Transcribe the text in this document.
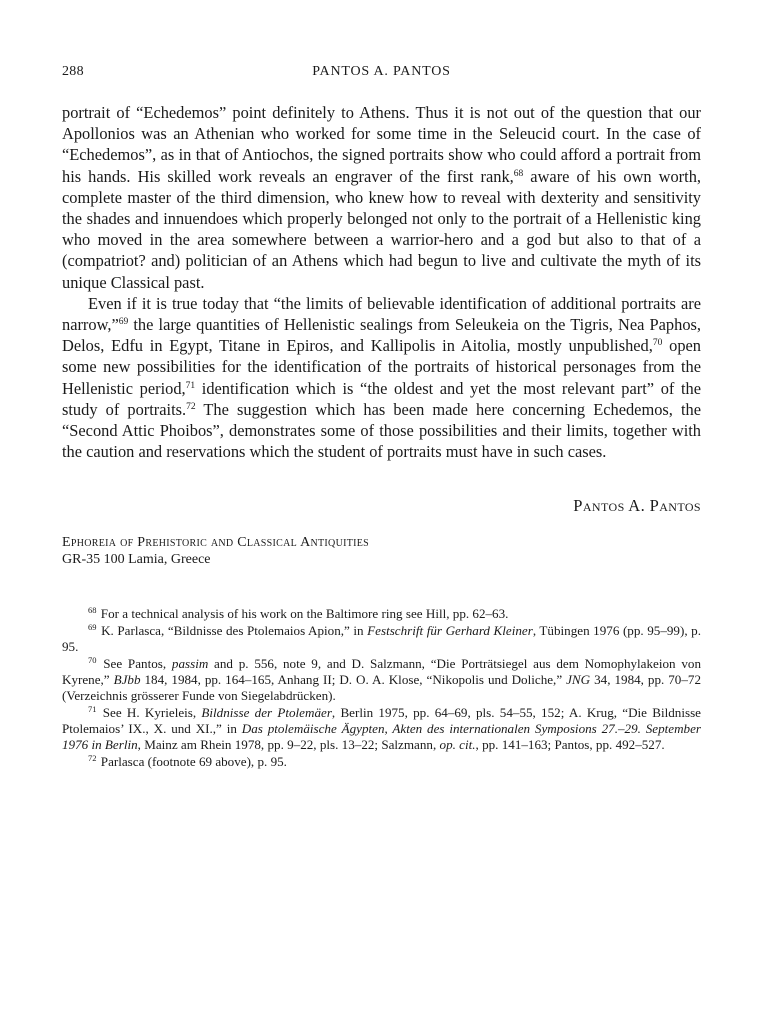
288	PANTOS A. PANTOS

portrait of “Echedemos” point definitely to Athens. Thus it is not out of the question that our Apollonios was an Athenian who worked for some time in the Seleucid court. In the case of “Echedemos”, as in that of Antiochos, the signed portraits show who could afford a portrait from his hands. His skilled work reveals an engraver of the first rank,$^{68}$ aware of his own worth, complete master of the third dimension, who knew how to reveal with dexterity and sensitivity the shades and innuendoes which properly belonged not only to the portrait of a Hellenistic king who moved in the area somewhere between a warrior-hero and a god but also to that of a (compatriot? and) politician of an Athens which had begun to live and cultivate the myth of its unique Classical past.

Even if it is true today that “the limits of believable identification of additional portraits are narrow,”$^{69}$ the large quantities of Hellenistic sealings from Seleukeia on the Tigris, Nea Paphos, Delos, Edfu in Egypt, Titane in Epiros, and Kallipolis in Aitolia, mostly unpublished,$^{70}$ open some new possibilities for the identification of the portraits of historical personages from the Hellenistic period,$^{71}$ identification which is “the oldest and yet the most relevant part” of the study of portraits.$^{72}$ The suggestion which has been made here concerning Echedemos, the “Second Attic Phoibos”, demonstrates some of those possibilities and their limits, together with the caution and reservations which the student of portraits must have in such cases.

Pantos A. Pantos
Ephoreia of Prehistoric and Classical Antiquities
GR-35 100 Lamia, Greece
$^{68}$ For a technical analysis of his work on the Baltimore ring see Hill, pp. 62–63.
$^{69}$ K. Parlasca, “Bildnisse des Ptolemaios Apion,” in Festschrift für Gerhard Kleiner, Tübingen 1976 (pp. 95–99), p. 95.
$^{70}$ See Pantos, passim and p. 556, note 9, and D. Salzmann, “Die Porträtsiegel aus dem Nomophylakeion von Kyrene,” BJbb 184, 1984, pp. 164–165, Anhang II; D. O. A. Klose, “Nikopolis und Doliche,” JNG 34, 1984, pp. 70–72 (Verzeichnis grösserer Funde von Siegelabdrücken).
$^{71}$ See H. Kyrieleis, Bildnisse der Ptolemäer, Berlin 1975, pp. 64–69, pls. 54–55, 152; A. Krug, “Die Bildnisse Ptolemaios’ IX., X. und XI.,” in Das ptolemäische Ägypten, Akten des internationalen Symposions 27.–29. September 1976 in Berlin, Mainz am Rhein 1978, pp. 9–22, pls. 13–22; Salzmann, op. cit., pp. 141–163; Pantos, pp. 492–527.
$^{72}$ Parlasca (footnote 69 above), p. 95.
